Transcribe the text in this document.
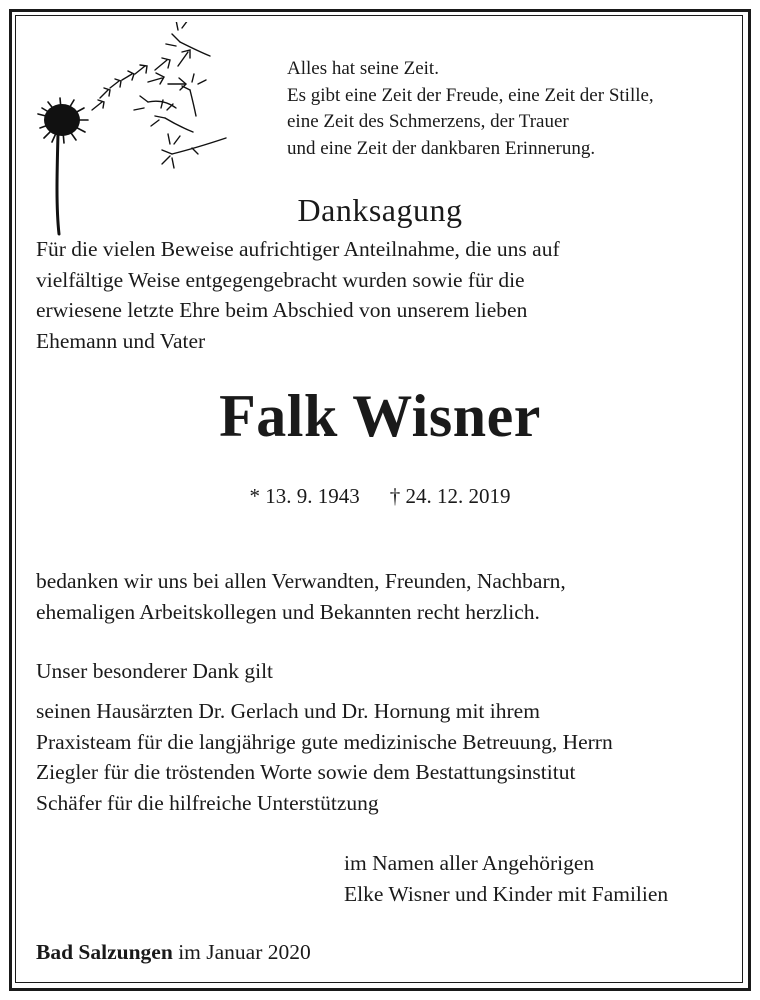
Alles hat seine Zeit.
Es gibt eine Zeit der Freude, eine Zeit der Stille,
eine Zeit des Schmerzens, der Trauer
und eine Zeit der dankbaren Erinnerung.
Danksagung
Für die vielen Beweise aufrichtiger Anteilnahme, die uns auf
vielfältige Weise entgegengebracht wurden sowie für die
erwiesene letzte Ehre beim Abschied von unserem lieben
Ehemann und Vater
Falk Wisner
* 13. 9. 1943 † 24. 12. 2019
bedanken wir uns bei allen Verwandten, Freunden, Nachbarn,
ehemaligen Arbeitskollegen und Bekannten recht herzlich.
Unser besonderer Dank gilt
seinen Hausärzten Dr. Gerlach und Dr. Hornung mit ihrem
Praxisteam für die langjährige gute medizinische Betreuung, Herrn
Ziegler für die tröstenden Worte sowie dem Bestattungsinstitut
Schäfer für die hilfreiche Unterstützung
im Namen aller Angehörigen
Elke Wisner und Kinder mit Familien
Bad Salzungen im Januar 2020
